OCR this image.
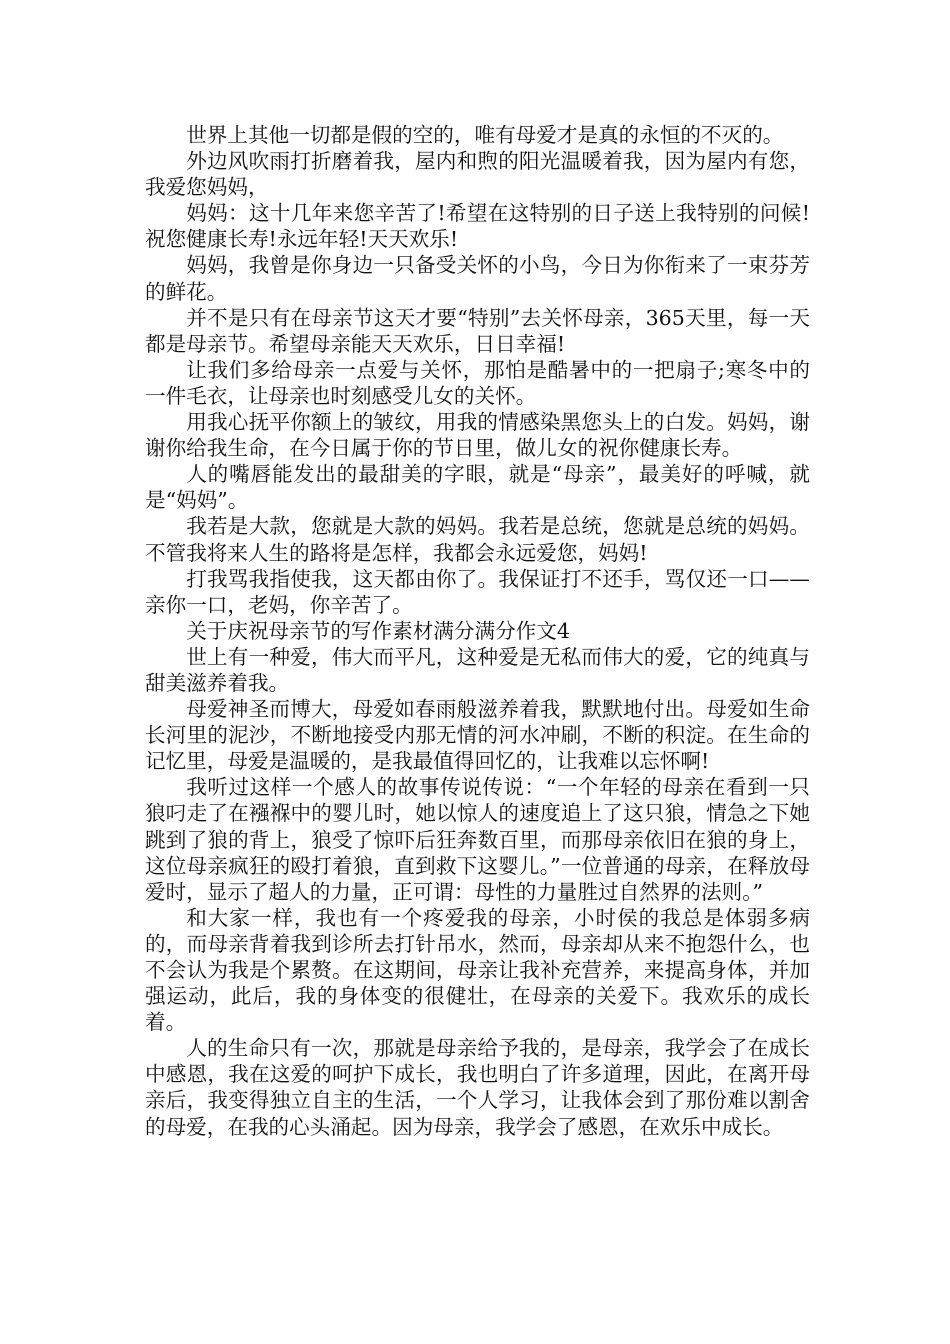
世界上其他一切都是假的空的，唯有母爱才是真的永恒的不灭的。

外边风吹雨打折磨着我，屋内和煦的阳光温暖着我，因为屋内有您，我爱您妈妈，

妈妈：这十几年来您辛苦了!希望在这特别的日子送上我特别的问候!祝您健康长寿!永远年轻!天天欢乐!

妈妈，我曾是你身边一只备受关怀的小鸟，今日为你衔来了一束芬芳的鲜花。

并不是只有在母亲节这天才要“特别”去关怀母亲，365天里，每一天都是母亲节。希望母亲能天天欢乐，日日幸福!

让我们多给母亲一点爱与关怀，那怕是酷暑中的一把扇子;寒冬中的一件毛衣，让母亲也时刻感受儿女的关怀。

用我心抚平你额上的皱纹，用我的情感染黑您头上的白发。妈妈，谢谢你给我生命，在今日属于你的节日里，做儿女的祝你健康长寿。

人的嘴唇能发出的最甜美的字眼，就是“母亲”，最美好的呼喊，就是“妈妈”。

我若是大款，您就是大款的妈妈。我若是总统，您就是总统的妈妈。不管我将来人生的路将是怎样，我都会永远爱您，妈妈!

打我骂我指使我，这天都由你了。我保证打不还手，骂仅还一口——亲你一口，老妈，你辛苦了。

关于庆祝母亲节的写作素材满分满分作文4

世上有一种爱，伟大而平凡，这种爱是无私而伟大的爱，它的纯真与甜美滋养着我。

母爱神圣而博大，母爱如春雨般滋养着我，默默地付出。母爱如生命长河里的泥沙，不断地接受内那无情的河水冲刷，不断的积淀。在生命的记忆里，母爱是温暖的，是我最值得回忆的，让我难以忘怀啊!

我听过这样一个感人的故事传说传说：“一个年轻的母亲在看到一只狼叼走了在襁褓中的婴儿时，她以惊人的速度追上了这只狼，情急之下她跳到了狼的背上，狼受了惊吓后狂奔数百里，而那母亲依旧在狼的身上，这位母亲疯狂的殴打着狼，直到救下这婴儿。”一位普通的母亲，在释放母爱时，显示了超人的力量，正可谓：母性的力量胜过自然界的法则。”

和大家一样，我也有一个疼爱我的母亲，小时侯的我总是体弱多病的，而母亲背着我到诊所去打针吊水，然而，母亲却从来不抱怨什么，也不会认为我是个累赘。在这期间，母亲让我补充营养，来提高身体，并加强运动，此后，我的身体变的很健壮，在母亲的关爱下。我欢乐的成长着。

人的生命只有一次，那就是母亲给予我的，是母亲，我学会了在成长中感恩，我在这爱的呵护下成长，我也明白了许多道理，因此，在离开母亲后，我变得独立自主的生活，一个人学习，让我体会到了那份难以割舍的母爱，在我的心头涌起。因为母亲，我学会了感恩，在欢乐中成长。
